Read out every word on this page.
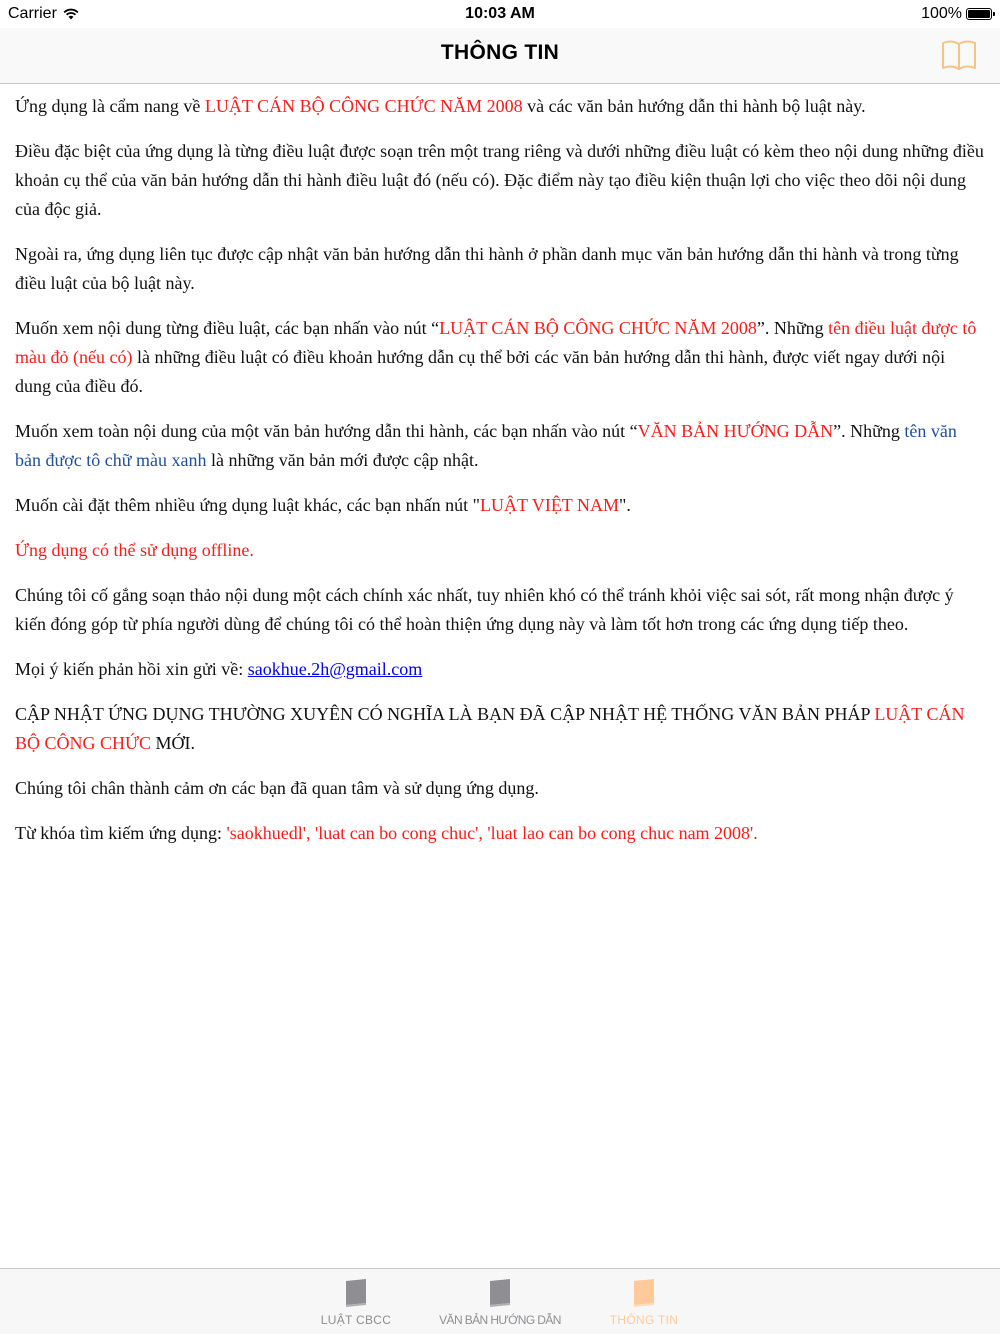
Carrier	10:03 AM	100%
THÔNG TIN

Ứng dụng là cẩm nang về LUẬT CÁN BỘ CÔNG CHỨC NĂM 2008 và các văn bản hướng dẫn thi hành bộ luật này.

Điều đặc biệt của ứng dụng là từng điều luật được soạn trên một trang riêng và dưới những điều luật có kèm theo nội dung những điều khoản cụ thể của văn bản hướng dẫn thi hành điều luật đó (nếu có). Đặc điểm này tạo điều kiện thuận lợi cho việc theo dõi nội dung của độc giả.

Ngoài ra, ứng dụng liên tục được cập nhật văn bản hướng dẫn thi hành ở phần danh mục văn bản hướng dẫn thi hành và trong từng điều luật của bộ luật này.

Muốn xem nội dung từng điều luật, các bạn nhấn vào nút “LUẬT CÁN BỘ CÔNG CHỨC NĂM 2008”. Những tên điều luật được tô màu đỏ (nếu có) là những điều luật có điều khoản hướng dẫn cụ thể bởi các văn bản hướng dẫn thi hành, được viết ngay dưới nội dung của điều đó.

Muốn xem toàn nội dung của một văn bản hướng dẫn thi hành, các bạn nhấn vào nút “VĂN BẢN HƯỚNG DẪN”. Những tên văn bản được tô chữ màu xanh là những văn bản mới được cập nhật.

Muốn cài đặt thêm nhiều ứng dụng luật khác, các bạn nhấn nút "LUẬT VIỆT NAM".

Ứng dụng có thể sử dụng offline.

Chúng tôi cố gắng soạn thảo nội dung một cách chính xác nhất, tuy nhiên khó có thể tránh khỏi việc sai sót, rất mong nhận được ý kiến đóng góp từ phía người dùng để chúng tôi có thể hoàn thiện ứng dụng này và làm tốt hơn trong các ứng dụng tiếp theo.

Mọi ý kiến phản hồi xin gửi về: saokhue.2h@gmail.com

CẬP NHẬT ỨNG DỤNG THƯỜNG XUYÊN CÓ NGHĨA LÀ BẠN ĐÃ CẬP NHẬT HỆ THỐNG VĂN BẢN PHÁP LUẬT CÁN BỘ CÔNG CHỨC MỚI.

Chúng tôi chân thành cảm ơn các bạn đã quan tâm và sử dụng ứng dụng.

Từ khóa tìm kiếm ứng dụng: 'saokhuedl', 'luat can bo cong chuc', 'luat lao can bo cong chuc nam 2008'.

LUẬT CBCC	VĂN BẢN HƯỚNG DẪN	THÔNG TIN
